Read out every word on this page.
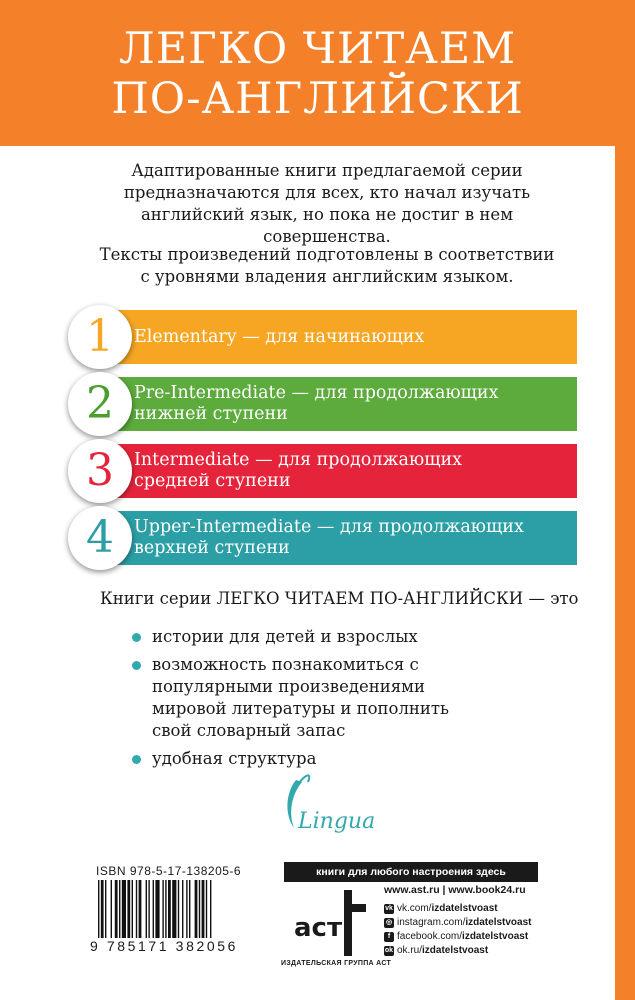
ЛЕГКО ЧИТАЕМ
ПО-АНГЛИЙСКИ

Адаптированные книги предлагаемой серии предназначаются для всех, кто начал изучать английский язык, но пока не достиг в нем совершенства.

Тексты произведений подготовлены в соответствии с уровнями владения английским языком.

1	Elementary — для начинающих
2	Pre-Intermediate — для продолжающих
нижней ступени
3	Intermediate — для продолжающих
средней ступени
4	Upper-Intermediate — для продолжающих
верхней ступени

Книги серии ЛЕГКО ЧИТАЕМ ПО-АНГЛИЙСКИ — это

истории для детей и взрослых
возможность познакомиться с популярными произведениями мировой литературы и пополнить свой словарный запас
удобная структура
Lingua
ISBN 978-5-17-138205-6
9 785171 382056
книги для любого настроения здесь
аст
ИЗДАТЕЛЬСКАЯ ГРУППА АСТ
www.ast.ru | www.book24.ru
vk vk.com/izdatelstvoast
◎ instagram.com/izdatelstvoast
f facebook.com/izdatelstvoast
ok ok.ru/izdatelstvoast
